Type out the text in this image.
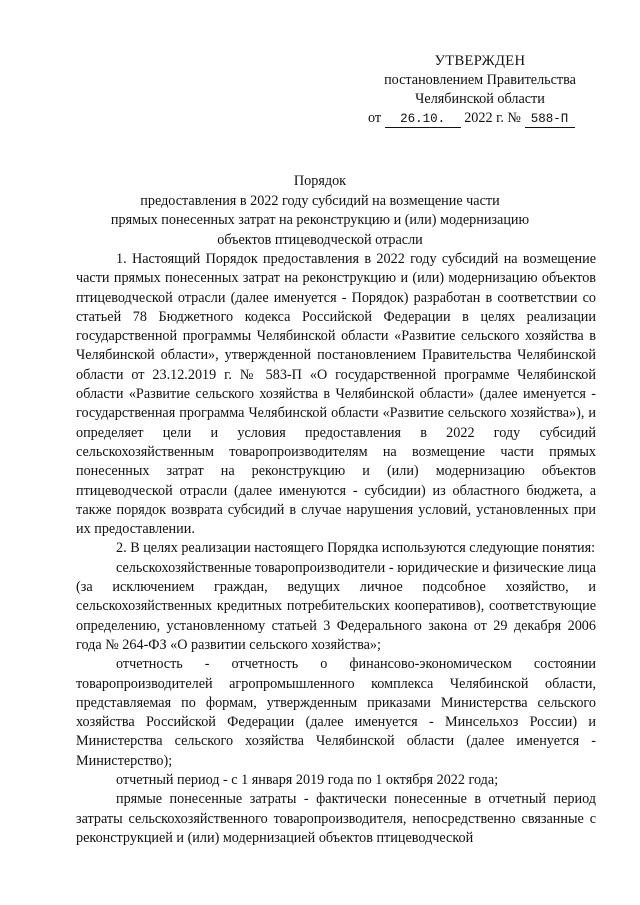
УТВЕРЖДЕН
постановлением Правительства
Челябинской области
от 26.10. 2022 г. № 588-П
Порядок
предоставления в 2022 году субсидий на возмещение части
прямых понесенных затрат на реконструкцию и (или) модернизацию
объектов птицеводческой отрасли

1. Настоящий Порядок предоставления в 2022 году субсидий на возмещение части прямых понесенных затрат на реконструкцию и (или) модернизацию объектов птицеводческой отрасли (далее именуется - Порядок) разработан в соответствии со статьей 78 Бюджетного кодекса Российской Федерации в целях реализации государственной программы Челябинской области «Развитие сельского хозяйства в Челябинской области», утвержденной постановлением Правительства Челябинской области от 23.12.2019 г. № 583-П «О государственной программе Челябинской области «Развитие сельского хозяйства в Челябинской области» (далее именуется - государственная программа Челябинской области «Развитие сельского хозяйства»), и определяет цели и условия предоставления в 2022 году субсидий сельскохозяйственным товаропроизводителям на возмещение части прямых понесенных затрат на реконструкцию и (или) модернизацию объектов птицеводческой отрасли (далее именуются - субсидии) из областного бюджета, а также порядок возврата субсидий в случае нарушения условий, установленных при их предоставлении.

2. В целях реализации настоящего Порядка используются следующие понятия:

сельскохозяйственные товаропроизводители - юридические и физические лица (за исключением граждан, ведущих личное подсобное хозяйство, и сельскохозяйственных кредитных потребительских кооперативов), соответствующие определению, установленному статьей 3 Федерального закона от 29 декабря 2006 года № 264-ФЗ «О развитии сельского хозяйства»;

отчетность - отчетность о финансово-экономическом состоянии товаропроизводителей агропромышленного комплекса Челябинской области, представляемая по формам, утвержденным приказами Министерства сельского хозяйства Российской Федерации (далее именуется - Минсельхоз России) и Министерства сельского хозяйства Челябинской области (далее именуется - Министерство);

отчетный период - с 1 января 2019 года по 1 октября 2022 года;

прямые понесенные затраты - фактически понесенные в отчетный период затраты сельскохозяйственного товаропроизводителя, непосредственно связанные с реконструкцией и (или) модернизацией объектов птицеводческой
